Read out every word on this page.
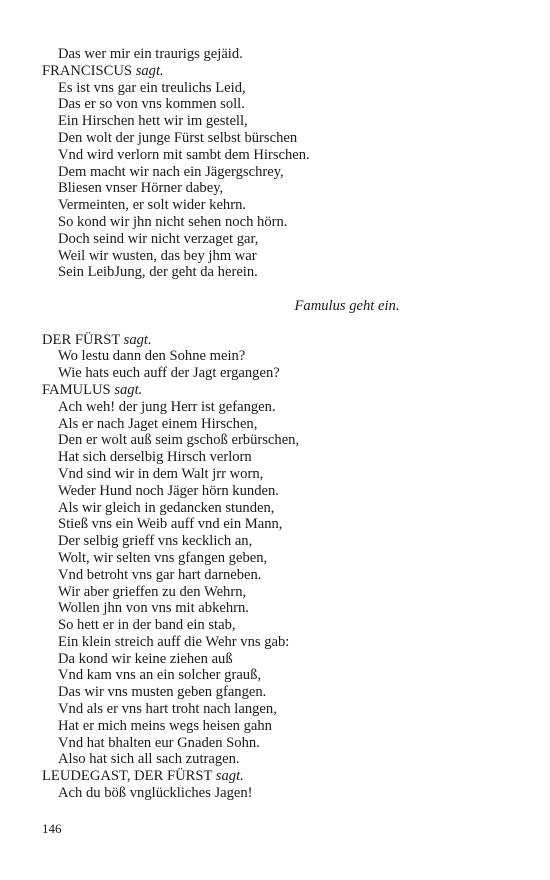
Das wer mir ein traurigs gejäid.
FRANCISCUS sagt.
Es ist vns gar ein treulichs Leid,
Das er so von vns kommen soll.
Ein Hirschen hett wir im gestell,
Den wolt der junge Fürst selbst bürschen
Vnd wird verlorn mit sambt dem Hirschen.
Dem macht wir nach ein Jägergschrey,
Bliesen vnser Hörner dabey,
Vermeinten, er solt wider kehrn.
So kond wir jhn nicht sehen noch hörn.
Doch seind wir nicht verzaget gar,
Weil wir wusten, das bey jhm war
Sein LeibJung, der geht da herein.
Famulus geht ein.
DER FÜRST sagt.
Wo lestu dann den Sohne mein?
Wie hats euch auff der Jagt ergangen?
FAMULUS sagt.
Ach weh! der jung Herr ist gefangen.
Als er nach Jaget einem Hirschen,
Den er wolt auß seim gschoß erbürschen,
Hat sich derselbig Hirsch verlorn
Vnd sind wir in dem Walt jrr worn,
Weder Hund noch Jäger hörn kunden.
Als wir gleich in gedancken stunden,
Stieß vns ein Weib auff vnd ein Mann,
Der selbig grieff vns kecklich an,
Wolt, wir selten vns gfangen geben,
Vnd betroht vns gar hart darneben.
Wir aber grieffen zu den Wehrn,
Wollen jhn von vns mit abkehrn.
So hett er in der band ein stab,
Ein klein streich auff die Wehr vns gab:
Da kond wir keine ziehen auß
Vnd kam vns an ein solcher grauß,
Das wir vns musten geben gfangen.
Vnd als er vns hart troht nach langen,
Hat er mich meins wegs heisen gahn
Vnd hat bhalten eur Gnaden Sohn.
Also hat sich all sach zutragen.
LEUDEGAST, DER FÜRST sagt.
Ach du böß vnglückliches Jagen!
146
